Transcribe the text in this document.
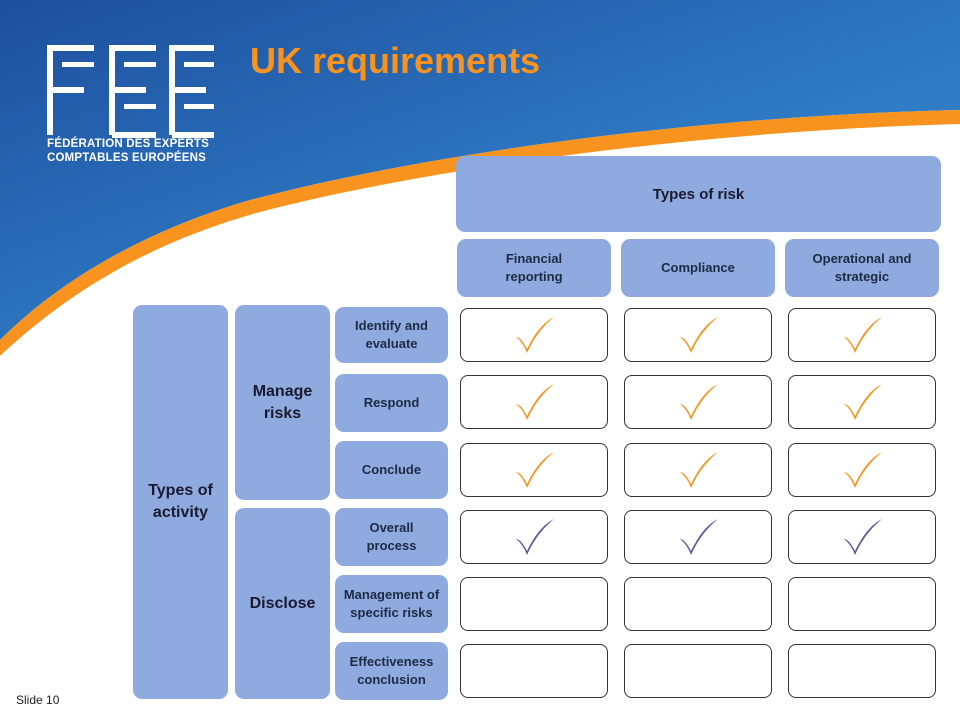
FÉDÉRATION DES EXPERTS
COMPTABLES EUROPÉENS
UK requirements
Types of risk
Financial reporting
Compliance
Operational and strategic
Types of activity
Manage risks
Disclose
Identify and evaluate
Respond
Conclude
Overall process
Management of specific risks
Effectiveness conclusion
Slide 10
